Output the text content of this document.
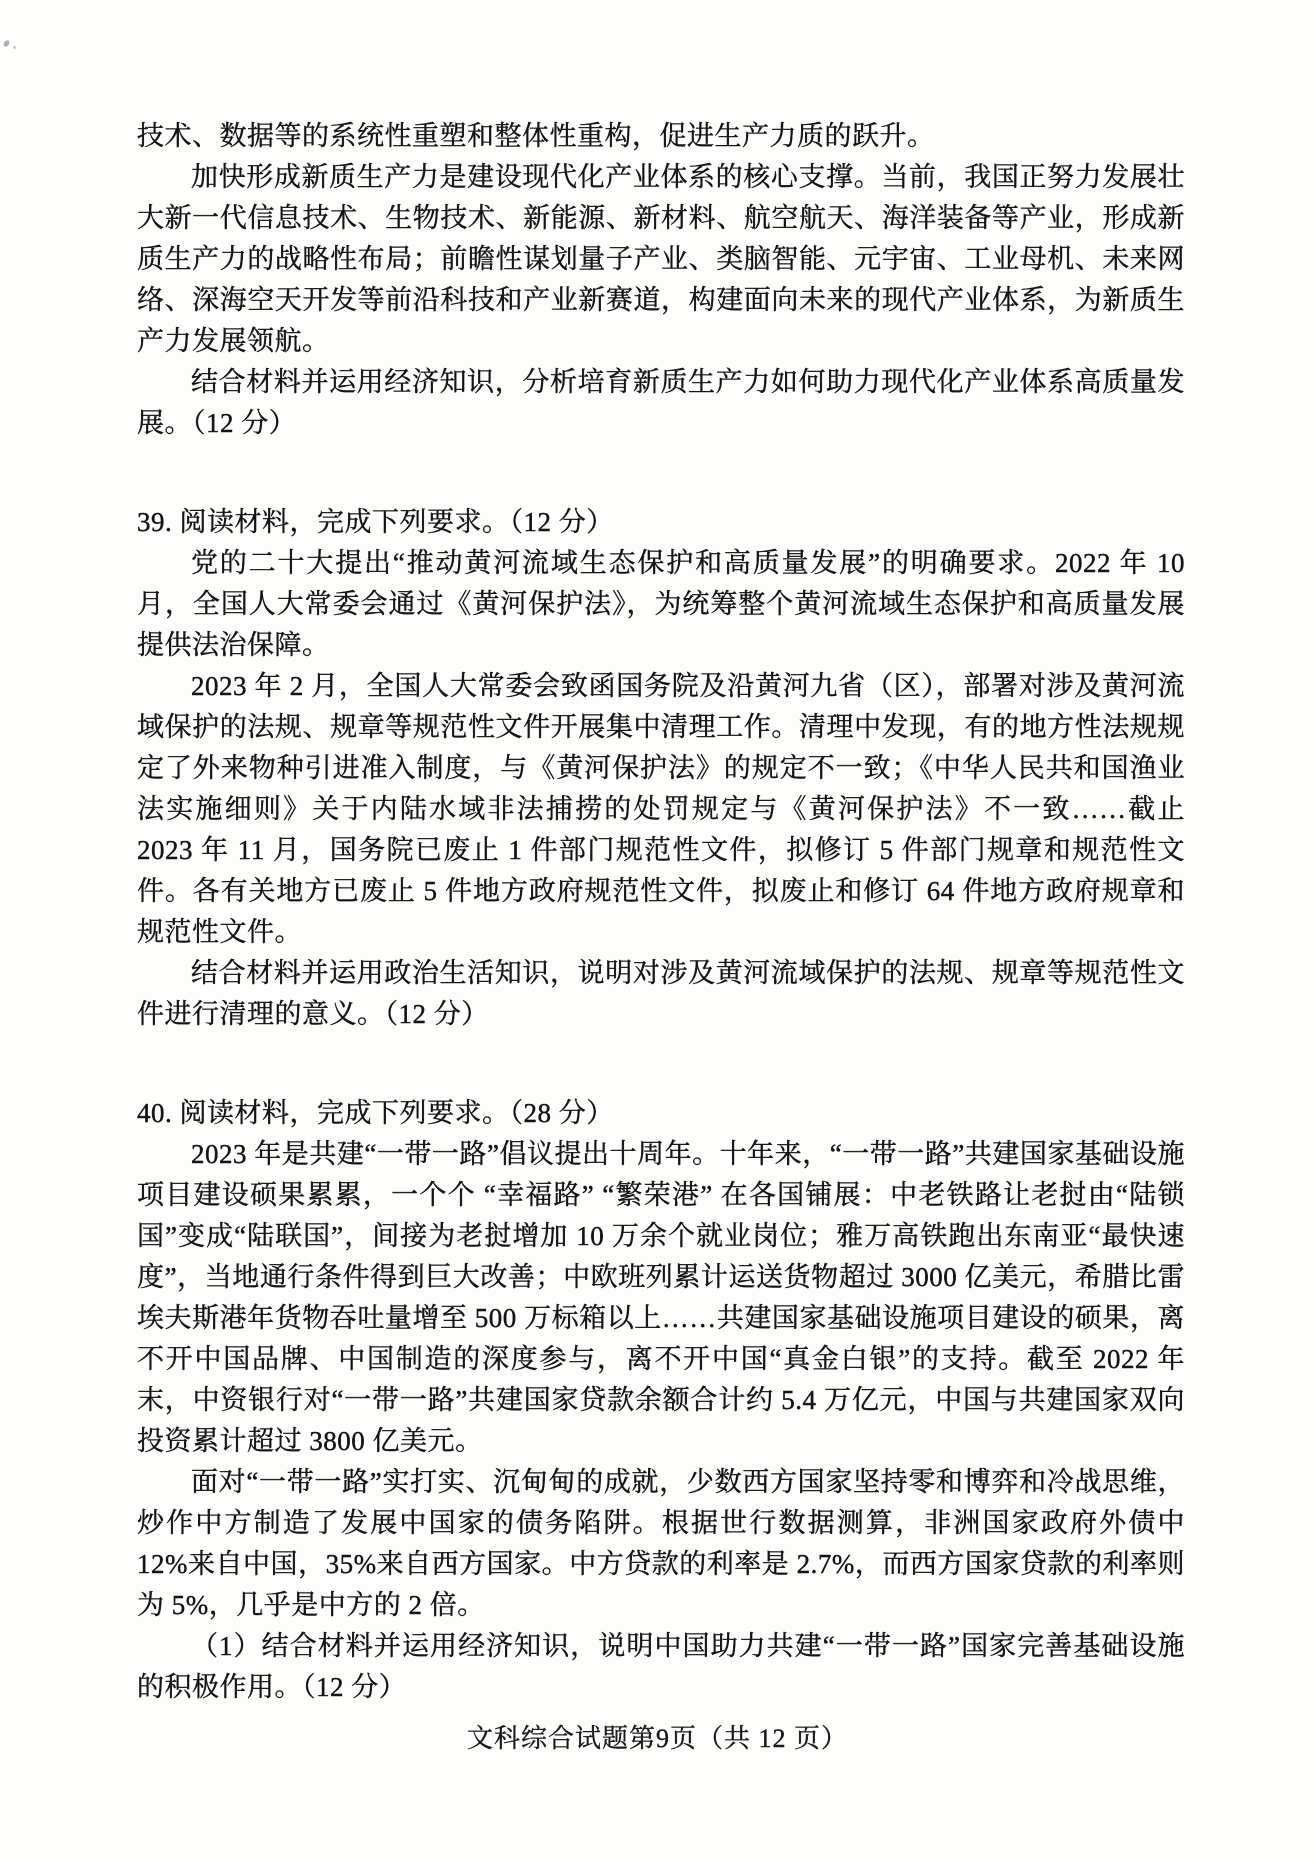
技术、数据等的系统性重塑和整体性重构，促进生产力质的跃升。

加快形成新质生产力是建设现代化产业体系的核心支撑。当前，我国正努力发展壮大新一代信息技术、生物技术、新能源、新材料、航空航天、海洋装备等产业，形成新质生产力的战略性布局；前瞻性谋划量子产业、类脑智能、元宇宙、工业母机、未来网络、深海空天开发等前沿科技和产业新赛道，构建面向未来的现代产业体系，为新质生产力发展领航。

结合材料并运用经济知识，分析培育新质生产力如何助力现代化产业体系高质量发展。（12 分）

39. 阅读材料，完成下列要求。（12 分）

党的二十大提出“推动黄河流域生态保护和高质量发展”的明确要求。2022 年 10 月，全国人大常委会通过《黄河保护法》，为统筹整个黄河流域生态保护和高质量发展提供法治保障。

2023 年 2 月，全国人大常委会致函国务院及沿黄河九省（区），部署对涉及黄河流域保护的法规、规章等规范性文件开展集中清理工作。清理中发现，有的地方性法规规定了外来物种引进准入制度，与《黄河保护法》的规定不一致；《中华人民共和国渔业法实施细则》关于内陆水域非法捕捞的处罚规定与《黄河保护法》不一致……截止 2023 年 11 月，国务院已废止 1 件部门规范性文件，拟修订 5 件部门规章和规范性文件。各有关地方已废止 5 件地方政府规范性文件，拟废止和修订 64 件地方政府规章和规范性文件。

结合材料并运用政治生活知识，说明对涉及黄河流域保护的法规、规章等规范性文件进行清理的意义。（12 分）

40. 阅读材料，完成下列要求。（28 分）

2023 年是共建“一带一路”倡议提出十周年。十年来，“一带一路”共建国家基础设施项目建设硕果累累，一个个 “幸福路” “繁荣港” 在各国铺展：中老铁路让老挝由“陆锁国”变成“陆联国”，间接为老挝增加 10 万余个就业岗位；雅万高铁跑出东南亚“最快速度”，当地通行条件得到巨大改善；中欧班列累计运送货物超过 3000 亿美元，希腊比雷埃夫斯港年货物吞吐量增至 500 万标箱以上……共建国家基础设施项目建设的硕果，离不开中国品牌、中国制造的深度参与，离不开中国“真金白银”的支持。截至 2022 年末，中资银行对“一带一路”共建国家贷款余额合计约 5.4 万亿元，中国与共建国家双向投资累计超过 3800 亿美元。

面对“一带一路”实打实、沉甸甸的成就，少数西方国家坚持零和博弈和冷战思维，炒作中方制造了发展中国家的债务陷阱。根据世行数据测算，非洲国家政府外债中 12%来自中国，35%来自西方国家。中方贷款的利率是 2.7%，而西方国家贷款的利率则为 5%，几乎是中方的 2 倍。

（1）结合材料并运用经济知识，说明中国助力共建“一带一路”国家完善基础设施的积极作用。（12 分）

文科综合试题第9页（共 12 页）
